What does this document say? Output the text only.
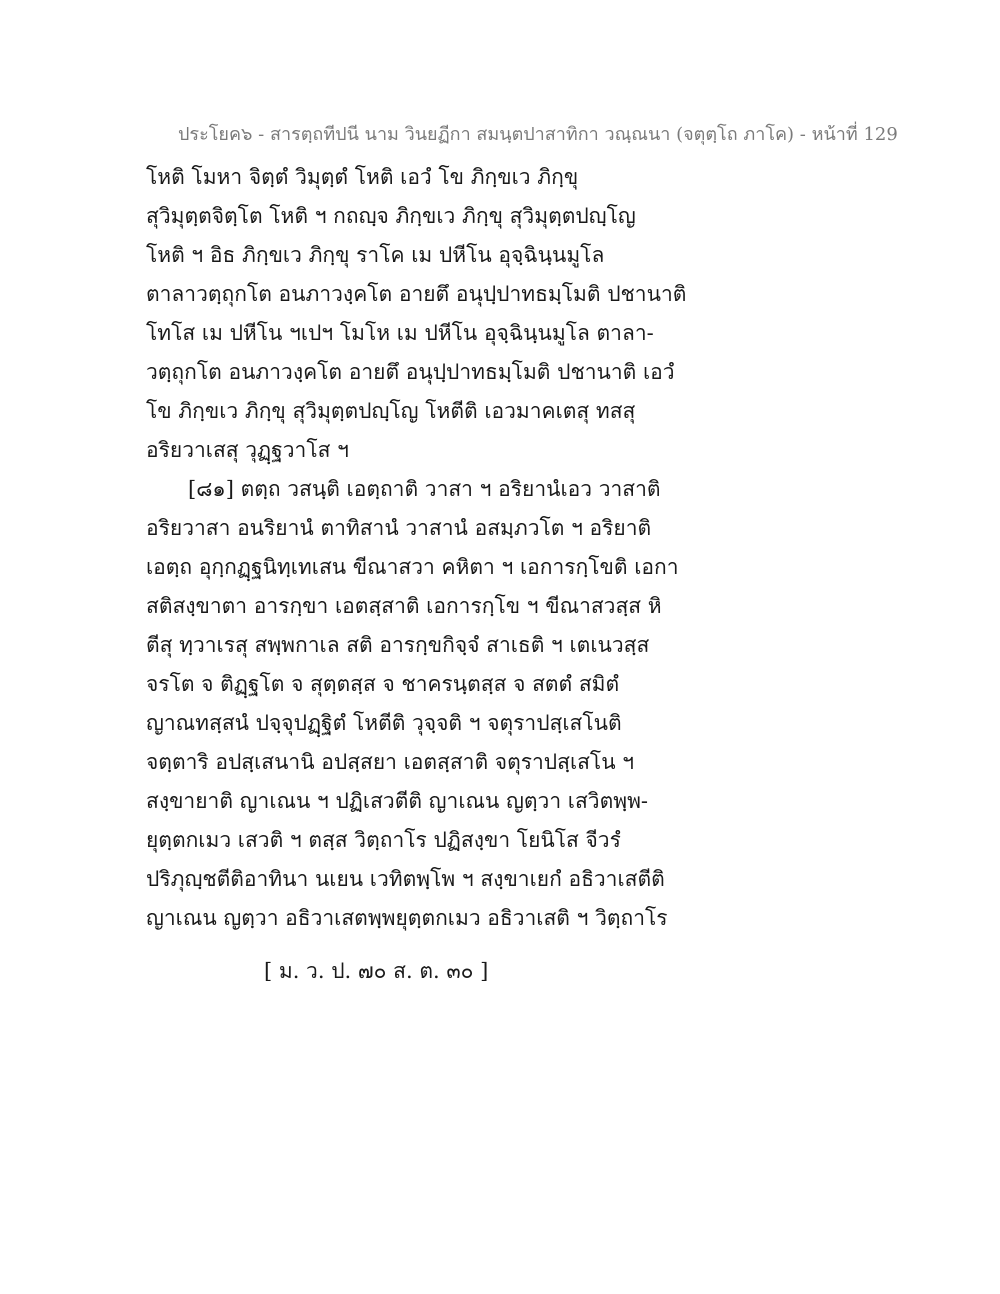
ประโยค๖ - สารตฺถทีปนี นาม วินยฏีกา สมนฺตปาสาทิกา วณฺณนา (จตุตฺโถ ภาโค) - หน้าที่ 129
โหติ โมหา จิตฺตํ วิมุตฺตํ โหติ เอวํ โข ภิกฺขเว ภิกฺขุ
สุวิมุตฺตจิตฺโต โหติ ฯ กถญฺจ ภิกฺขเว ภิกฺขุ สุวิมุตฺตปญฺโญ
โหติ ฯ อิธ ภิกฺขเว ภิกฺขุ ราโค เม ปหีโน อุจฺฉินฺนมูโล
ตาลาวตฺถุกโต อนภาวงฺคโต อายตึ อนุปฺปาทธมฺโมติ ปชานาติ
โทโส เม ปหีโน ฯเปฯ โมโห เม ปหีโน อุจฺฉินฺนมูโล ตาลา-
วตฺถุกโต อนภาวงฺคโต อายตึ อนุปฺปาทธมฺโมติ ปชานาติ เอวํ
โข ภิกฺขเว ภิกฺขุ สุวิมุตฺตปญฺโญ โหตีติ เอวมาคเตสุ ทสสุ
อริยวาเสสุ วุฏฺฐวาโส ฯ
[๘๑] ตตฺถ วสนฺติ เอตฺถาติ วาสา ฯ อริยานํเอว วาสาติ
อริยวาสา อนริยานํ ตาทิสานํ วาสานํ อสมฺภวโต ฯ อริยาติ
เอตฺถ อุกฺกฏฺฐนิทฺเทเสน ขีณาสวา คหิตา ฯ เอการกฺโขติ เอกา
สติสงฺขาตา อารกฺขา เอตสฺสาติ เอการกฺโข ฯ ขีณาสวสฺส หิ
ตีสุ ทฺวาเรสุ สพฺพกาเล สติ อารกฺขกิจฺจํ สาเธติ ฯ เตเนวสฺส
จรโต จ ติฏฺฐโต จ สุตฺตสฺส จ ชาครนฺตสฺส จ สตตํ สมิตํ
ญาณทสฺสนํ ปจฺจุปฏฺฐิตํ โหตีติ วุจฺจติ ฯ จตุราปสฺเสโนติ
จตฺตาริ อปสฺเสนานิ อปสฺสยา เอตสฺสาติ จตุราปสฺเสโน ฯ
สงฺขายาติ ญาเณน ฯ ปฏิเสวตีติ ญาเณน ญตฺวา เสวิตพฺพ-
ยุตฺตกเมว เสวติ ฯ ตสฺส วิตฺถาโร ปฏิสงฺขา โยนิโส จีวรํ
ปริภุญฺชตีติอาทินา นเยน เวทิตพฺโพ ฯ สงฺขาเยกํ อธิวาเสตีติ
ญาเณน ญตฺวา อธิวาเสตพฺพยุตฺตกเมว อธิวาเสติ ฯ วิตฺถาโร
[ ม. ว. ป. ๗๐ ส. ต. ๓๐ ]
